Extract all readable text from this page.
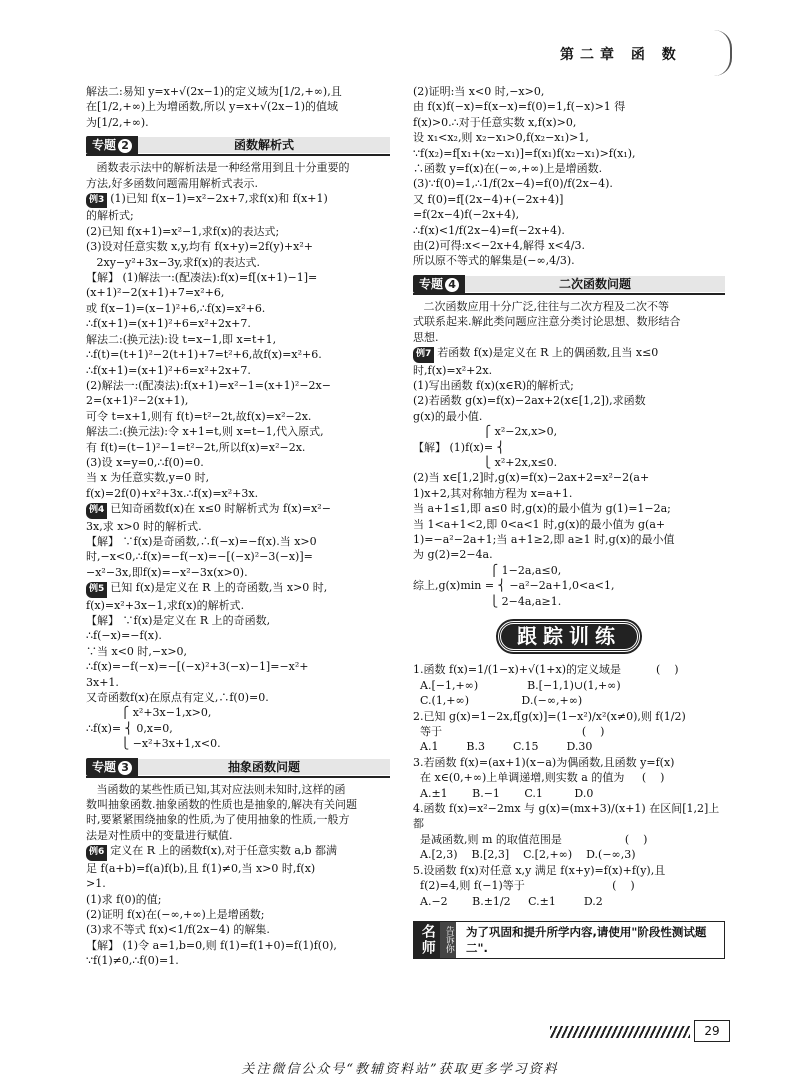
第二章 函 数

解法二:易知 y=x+√(2x−1)的定义域为[1/2,+∞),且

在[1/2,+∞)上为增函数,所以 y=x+√(2x−1)的值域

为[1/2,+∞).

专题 2	函数解析式

函数表示法中的解析法是一种经常用到且十分重要的

方法,好多函数问题需用解析式表示.

例3 (1)已知 f(x−1)=x²−2x+7,求f(x)和 f(x+1)

的解析式;

(2)已知 f(x+1)=x²−1,求f(x)的表达式;

(3)设对任意实数 x,y,均有 f(x+y)=2f(y)+x²+

2xy−y²+3x−3y,求f(x)的表达式.

【解】 (1)解法一:(配凑法):f(x)=f[(x+1)−1]=

(x+1)²−2(x+1)+7=x²+6,

或 f(x−1)=(x−1)²+6,∴f(x)=x²+6.

∴f(x+1)=(x+1)²+6=x²+2x+7.

解法二:(换元法):设 t=x−1,即 x=t+1,

∴f(t)=(t+1)²−2(t+1)+7=t²+6,故f(x)=x²+6.

∴f(x+1)=(x+1)²+6=x²+2x+7.

(2)解法一:(配凑法):f(x+1)=x²−1=(x+1)²−2x−

2=(x+1)²−2(x+1),

可令 t=x+1,则有 f(t)=t²−2t,故f(x)=x²−2x.

解法二:(换元法):令 x+1=t,则 x=t−1,代入原式,

有 f(t)=(t−1)²−1=t²−2t,所以f(x)=x²−2x.

(3)设 x=y=0,∴f(0)=0.

当 x 为任意实数,y=0 时,

f(x)=2f(0)+x²+3x.∴f(x)=x²+3x.

例4 已知奇函数f(x)在 x≤0 时解析式为 f(x)=x²−

3x,求 x>0 时的解析式.

【解】 ∵f(x)是奇函数,∴f(−x)=−f(x).当 x>0

时,−x<0,∴f(x)=−f(−x)=−[(−x)²−3(−x)]=

−x²−3x,即f(x)=−x²−3x(x>0).

例5 已知 f(x)是定义在 R 上的奇函数,当 x>0 时,

f(x)=x²+3x−1,求f(x)的解析式.

【解】 ∵f(x)是定义在 R 上的奇函数,

∴f(−x)=−f(x).

∵当 x<0 时,−x>0,

∴f(x)=−f(−x)=−[(−x)²+3(−x)−1]=−x²+

3x+1.

又奇函数f(x)在原点有定义,∴f(0)=0.

⎧ x²+3x−1,x>0,

∴f(x)= ⎨ 0,x=0,

⎩ −x²+3x+1,x<0.

专题 3	抽象函数问题

当函数的某些性质已知,其对应法则未知时,这样的函

数叫抽象函数.抽象函数的性质也是抽象的,解决有关问题

时,要紧紧围绕抽象的性质,为了使用抽象的性质,一般方

法是对性质中的变量进行赋值.

例6 定义在 R 上的函数f(x),对于任意实数 a,b 都满

足 f(a+b)=f(a)f(b),且 f(1)≠0,当 x>0 时,f(x)

>1.

(1)求 f(0)的值;

(2)证明 f(x)在(−∞,+∞)上是增函数;

(3)求不等式 f(x)<1/f(2x−4) 的解集.

【解】 (1)令 a=1,b=0,则 f(1)=f(1+0)=f(1)f(0),

∵f(1)≠0,∴f(0)=1.

(2)证明:当 x<0 时,−x>0,

由 f(x)f(−x)=f(x−x)=f(0)=1,f(−x)>1 得

f(x)>0.∴对于任意实数 x,f(x)>0,

设 x₁<x₂,则 x₂−x₁>0,f(x₂−x₁)>1,

∵f(x₂)=f[x₁+(x₂−x₁)]=f(x₁)f(x₂−x₁)>f(x₁),

∴函数 y=f(x)在(−∞,+∞)上是增函数.

(3)∵f(0)=1,∴1/f(2x−4)=f(0)/f(2x−4).

又 f(0)=f[(2x−4)+(−2x+4)]

=f(2x−4)f(−2x+4),

∴f(x)<1/f(2x−4)=f(−2x+4).

由(2)可得:x<−2x+4,解得 x<4/3.

所以原不等式的解集是(−∞,4/3).

专题 4	二次函数问题

二次函数应用十分广泛,往往与二次方程及二次不等

式联系起来.解此类问题应注意分类讨论思想、数形结合

思想.

例7 若函数 f(x)是定义在 R 上的偶函数,且当 x≤0

时,f(x)=x²+2x.

(1)写出函数 f(x)(x∈R)的解析式;

(2)若函数 g(x)=f(x)−2ax+2(x∈[1,2]),求函数

g(x)的最小值.

⎧ x²−2x,x>0,

【解】 (1)f(x)= ⎨

⎩ x²+2x,x≤0.

(2)当 x∈[1,2]时,g(x)=f(x)−2ax+2=x²−2(a+

1)x+2,其对称轴方程为 x=a+1.

当 a+1≤1,即 a≤0 时,g(x)的最小值为 g(1)=1−2a;

当 1<a+1<2,即 0<a<1 时,g(x)的最小值为 g(a+

1)=−a²−2a+1;当 a+1≥2,即 a≥1 时,g(x)的最小值

为 g(2)=2−4a.

⎧ 1−2a,a≤0,

综上,g(x)min = ⎨ −a²−2a+1,0<a<1,

⎩ 2−4a,a≥1.

跟踪训练

1.函数 f(x)=1/(1−x)+√(1+x)的定义域是          (    )

A.[−1,+∞)              B.[−1,1)∪(1,+∞)

C.(1,+∞)               D.(−∞,+∞)

2.已知 g(x)=1−2x,f[g(x)]=(1−x²)/x²(x≠0),则 f(1/2)

等于                                        (    )

A.1        B.3        C.15        D.30

3.若函数 f(x)=(ax+1)(x−a)为偶函数,且函数 y=f(x)

在 x∈(0,+∞)上单调递增,则实数 a 的值为     (    )

A.±1       B.−1       C.1         D.0

4.函数 f(x)=x²−2mx 与 g(x)=(mx+3)/(x+1) 在区间[1,2]上都

是减函数,则 m 的取值范围是                  (    )

A.[2,3)    B.[2,3]    C.[2,+∞)    D.(−∞,3)

5.设函数 f(x)对任意 x,y 满足 f(x+y)=f(x)+f(y),且

f(2)=4,则 f(−1)等于                         (    )

A.−2       B.±1/2     C.±1        D.2

名师 告诉你	为了巩固和提升所学内容,请使用"阶段性测试题二".
29
关注微信公众号“教辅资料站”获取更多学习资料
